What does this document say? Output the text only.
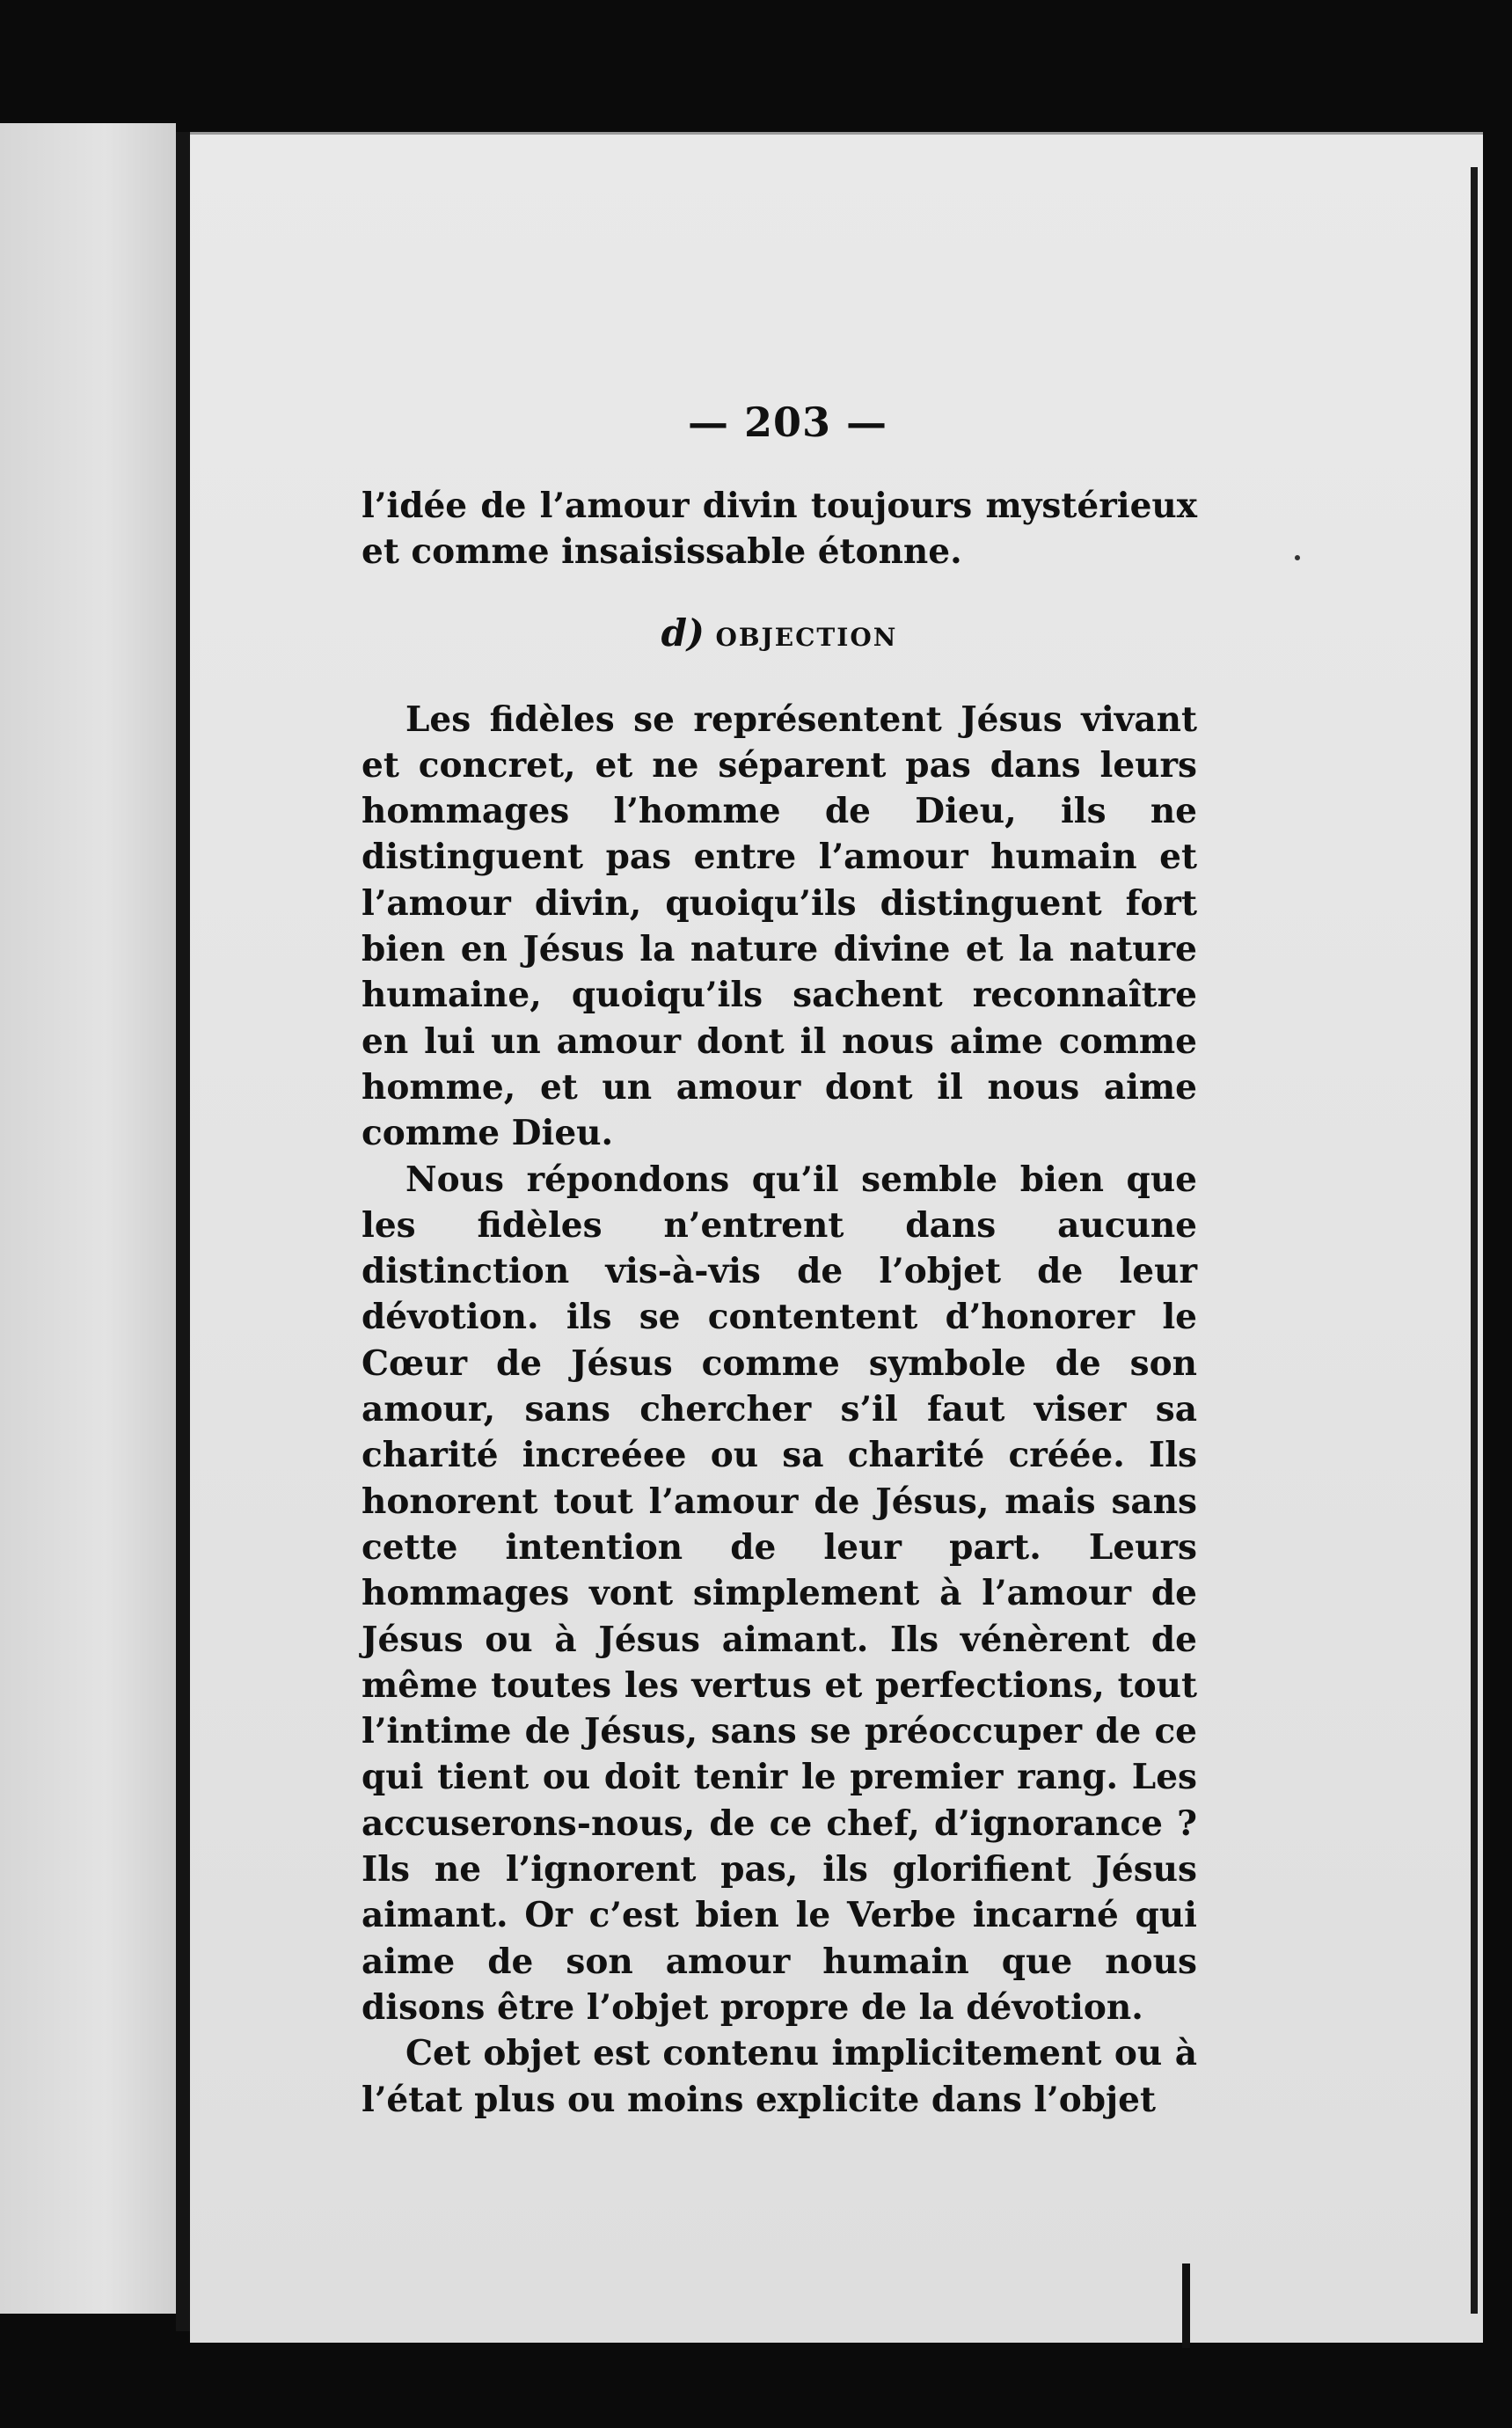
— 203 —

l’idée de l’amour divin toujours mystérieux et comme insaisissable étonne.

d) objection

Les fidèles se représentent Jésus vivant et concret, et ne séparent pas dans leurs hommages l’homme de Dieu, ils ne distinguent pas entre l’amour humain et l’amour divin, quoiqu’ils distinguent fort bien en Jésus la nature divine et la nature humaine, quoiqu’ils sachent reconnaître en lui un amour dont il nous aime comme homme, et un amour dont il nous aime comme Dieu.

Nous répondons qu’il semble bien que les fidèles n’entrent dans aucune distinction vis-à-vis de l’objet de leur dévotion. ils se contentent d’honorer le Cœur de Jésus comme symbole de son amour, sans chercher s’il faut viser sa charité increéee ou sa charité créée. Ils honorent tout l’amour de Jésus, mais sans cette intention de leur part. Leurs hommages vont simplement à l’amour de Jésus ou à Jésus aimant. Ils vénèrent de même toutes les vertus et perfections, tout l’intime de Jésus, sans se préoccuper de ce qui tient ou doit tenir le premier rang. Les accuserons-nous, de ce chef, d’ignorance ? Ils ne l’ignorent pas, ils glorifient Jésus aimant. Or c’est bien le Verbe incarné qui aime de son amour humain que nous disons être l’objet propre de la dévotion.

Cet objet est contenu implicitement ou à l’état plus ou moins explicite dans l’objet
